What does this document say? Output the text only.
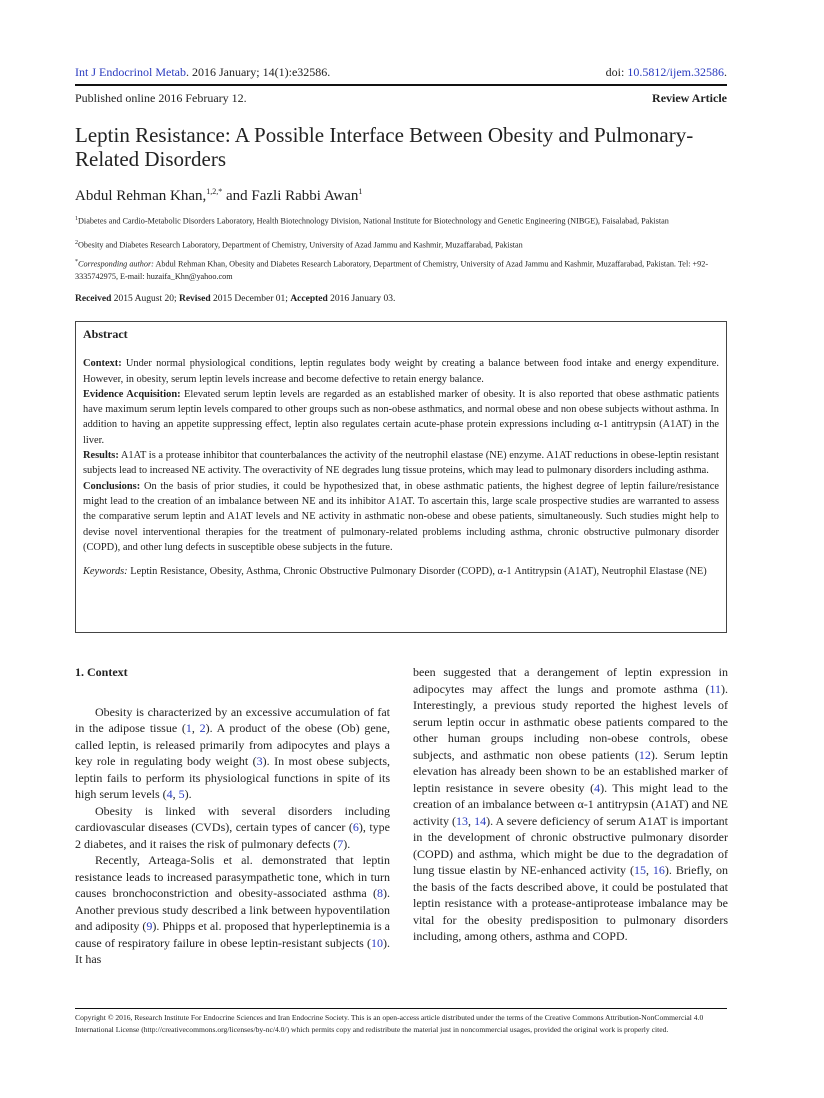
Int J Endocrinol Metab. 2016 January; 14(1):e32586.	doi: 10.5812/ijem.32586.
Published online 2016 February 12.	Review Article
Leptin Resistance: A Possible Interface Between Obesity and Pulmonary-Related Disorders
Abdul Rehman Khan,$^{1,2,*}$ and Fazli Rabbi Awan$^1$
$^1$Diabetes and Cardio-Metabolic Disorders Laboratory, Health Biotechnology Division, National Institute for Biotechnology and Genetic Engineering (NIBGE), Faisalabad, Pakistan
$^2$Obesity and Diabetes Research Laboratory, Department of Chemistry, University of Azad Jammu and Kashmir, Muzaffarabad, Pakistan
*Corresponding author: Abdul Rehman Khan, Obesity and Diabetes Research Laboratory, Department of Chemistry, University of Azad Jammu and Kashmir, Muzaffarabad, Pakistan. Tel: +92-3335742975, E-mail: huzaifa_Khn@yahoo.com
Received 2015 August 20; Revised 2015 December 01; Accepted 2016 January 03.
Abstract

Context: Under normal physiological conditions, leptin regulates body weight by creating a balance between food intake and energy expenditure. However, in obesity, serum leptin levels increase and become defective to retain energy balance.

Evidence Acquisition: Elevated serum leptin levels are regarded as an established marker of obesity. It is also reported that obese asthmatic patients have maximum serum leptin levels compared to other groups such as non-obese asthmatics, and normal obese and non obese subjects without asthma. In addition to having an appetite suppressing effect, leptin also regulates certain acute-phase protein expressions including α-1 antitrypsin (A1AT) in the liver.

Results: A1AT is a protease inhibitor that counterbalances the activity of the neutrophil elastase (NE) enzyme. A1AT reductions in obese-leptin resistant subjects lead to increased NE activity. The overactivity of NE degrades lung tissue proteins, which may lead to pulmonary disorders including asthma.

Conclusions: On the basis of prior studies, it could be hypothesized that, in obese asthmatic patients, the highest degree of leptin failure/resistance might lead to the creation of an imbalance between NE and its inhibitor A1AT. To ascertain this, large scale prospective studies are warranted to assess the comparative serum leptin and A1AT levels and NE activity in asthmatic non-obese and obese patients, simultaneously. Such studies might help to devise novel interventional therapies for the treatment of pulmonary-related problems including asthma, chronic obstructive pulmonary disorder (COPD), and other lung defects in susceptible obese subjects in the future.

Keywords: Leptin Resistance, Obesity, Asthma, Chronic Obstructive Pulmonary Disorder (COPD), α-1 Antitrypsin (A1AT), Neutrophil Elastase (NE)

1. Context

Obesity is characterized by an excessive accumulation of fat in the adipose tissue (1, 2). A product of the obese (Ob) gene, called leptin, is released primarily from adipocytes and plays a key role in regulating body weight (3). In most obese subjects, leptin fails to perform its physiological functions in spite of its high serum levels (4, 5).

Obesity is linked with several disorders including cardiovascular diseases (CVDs), certain types of cancer (6), type 2 diabetes, and it raises the risk of pulmonary defects (7).

Recently, Arteaga-Solis et al. demonstrated that leptin resistance leads to increased parasympathetic tone, which in turn causes bronchoconstriction and obesity-associated asthma (8). Another previous study described a link between hypoventilation and adiposity (9). Phipps et al. proposed that hyperleptinemia is a cause of respiratory failure in obese leptin-resistant subjects (10). It has

been suggested that a derangement of leptin expression in adipocytes may affect the lungs and promote asthma (11). Interestingly, a previous study reported the highest levels of serum leptin occur in asthmatic obese patients compared to the other human groups including non-obese controls, obese subjects, and asthmatic non obese patients (12). Serum leptin elevation has already been shown to be an established marker of leptin resistance in severe obesity (4). This might lead to the creation of an imbalance between α-1 antitrypsin (A1AT) and NE activity (13, 14). A severe deficiency of serum A1AT is important in the development of chronic obstructive pulmonary disorder (COPD) and asthma, which might be due to the degradation of lung tissue elastin by NE-enhanced activity (15, 16). Briefly, on the basis of the facts described above, it could be postulated that leptin resistance with a protease-antiprotease imbalance may be vital for the obesity predisposition to pulmonary disorders including, among others, asthma and COPD.

Copyright © 2016, Research Institute For Endocrine Sciences and Iran Endocrine Society. This is an open-access article distributed under the terms of the Creative Commons Attribution-NonCommercial 4.0 International License (http://creativecommons.org/licenses/by-nc/4.0/) which permits copy and redistribute the material just in noncommercial usages, provided the original work is properly cited.
